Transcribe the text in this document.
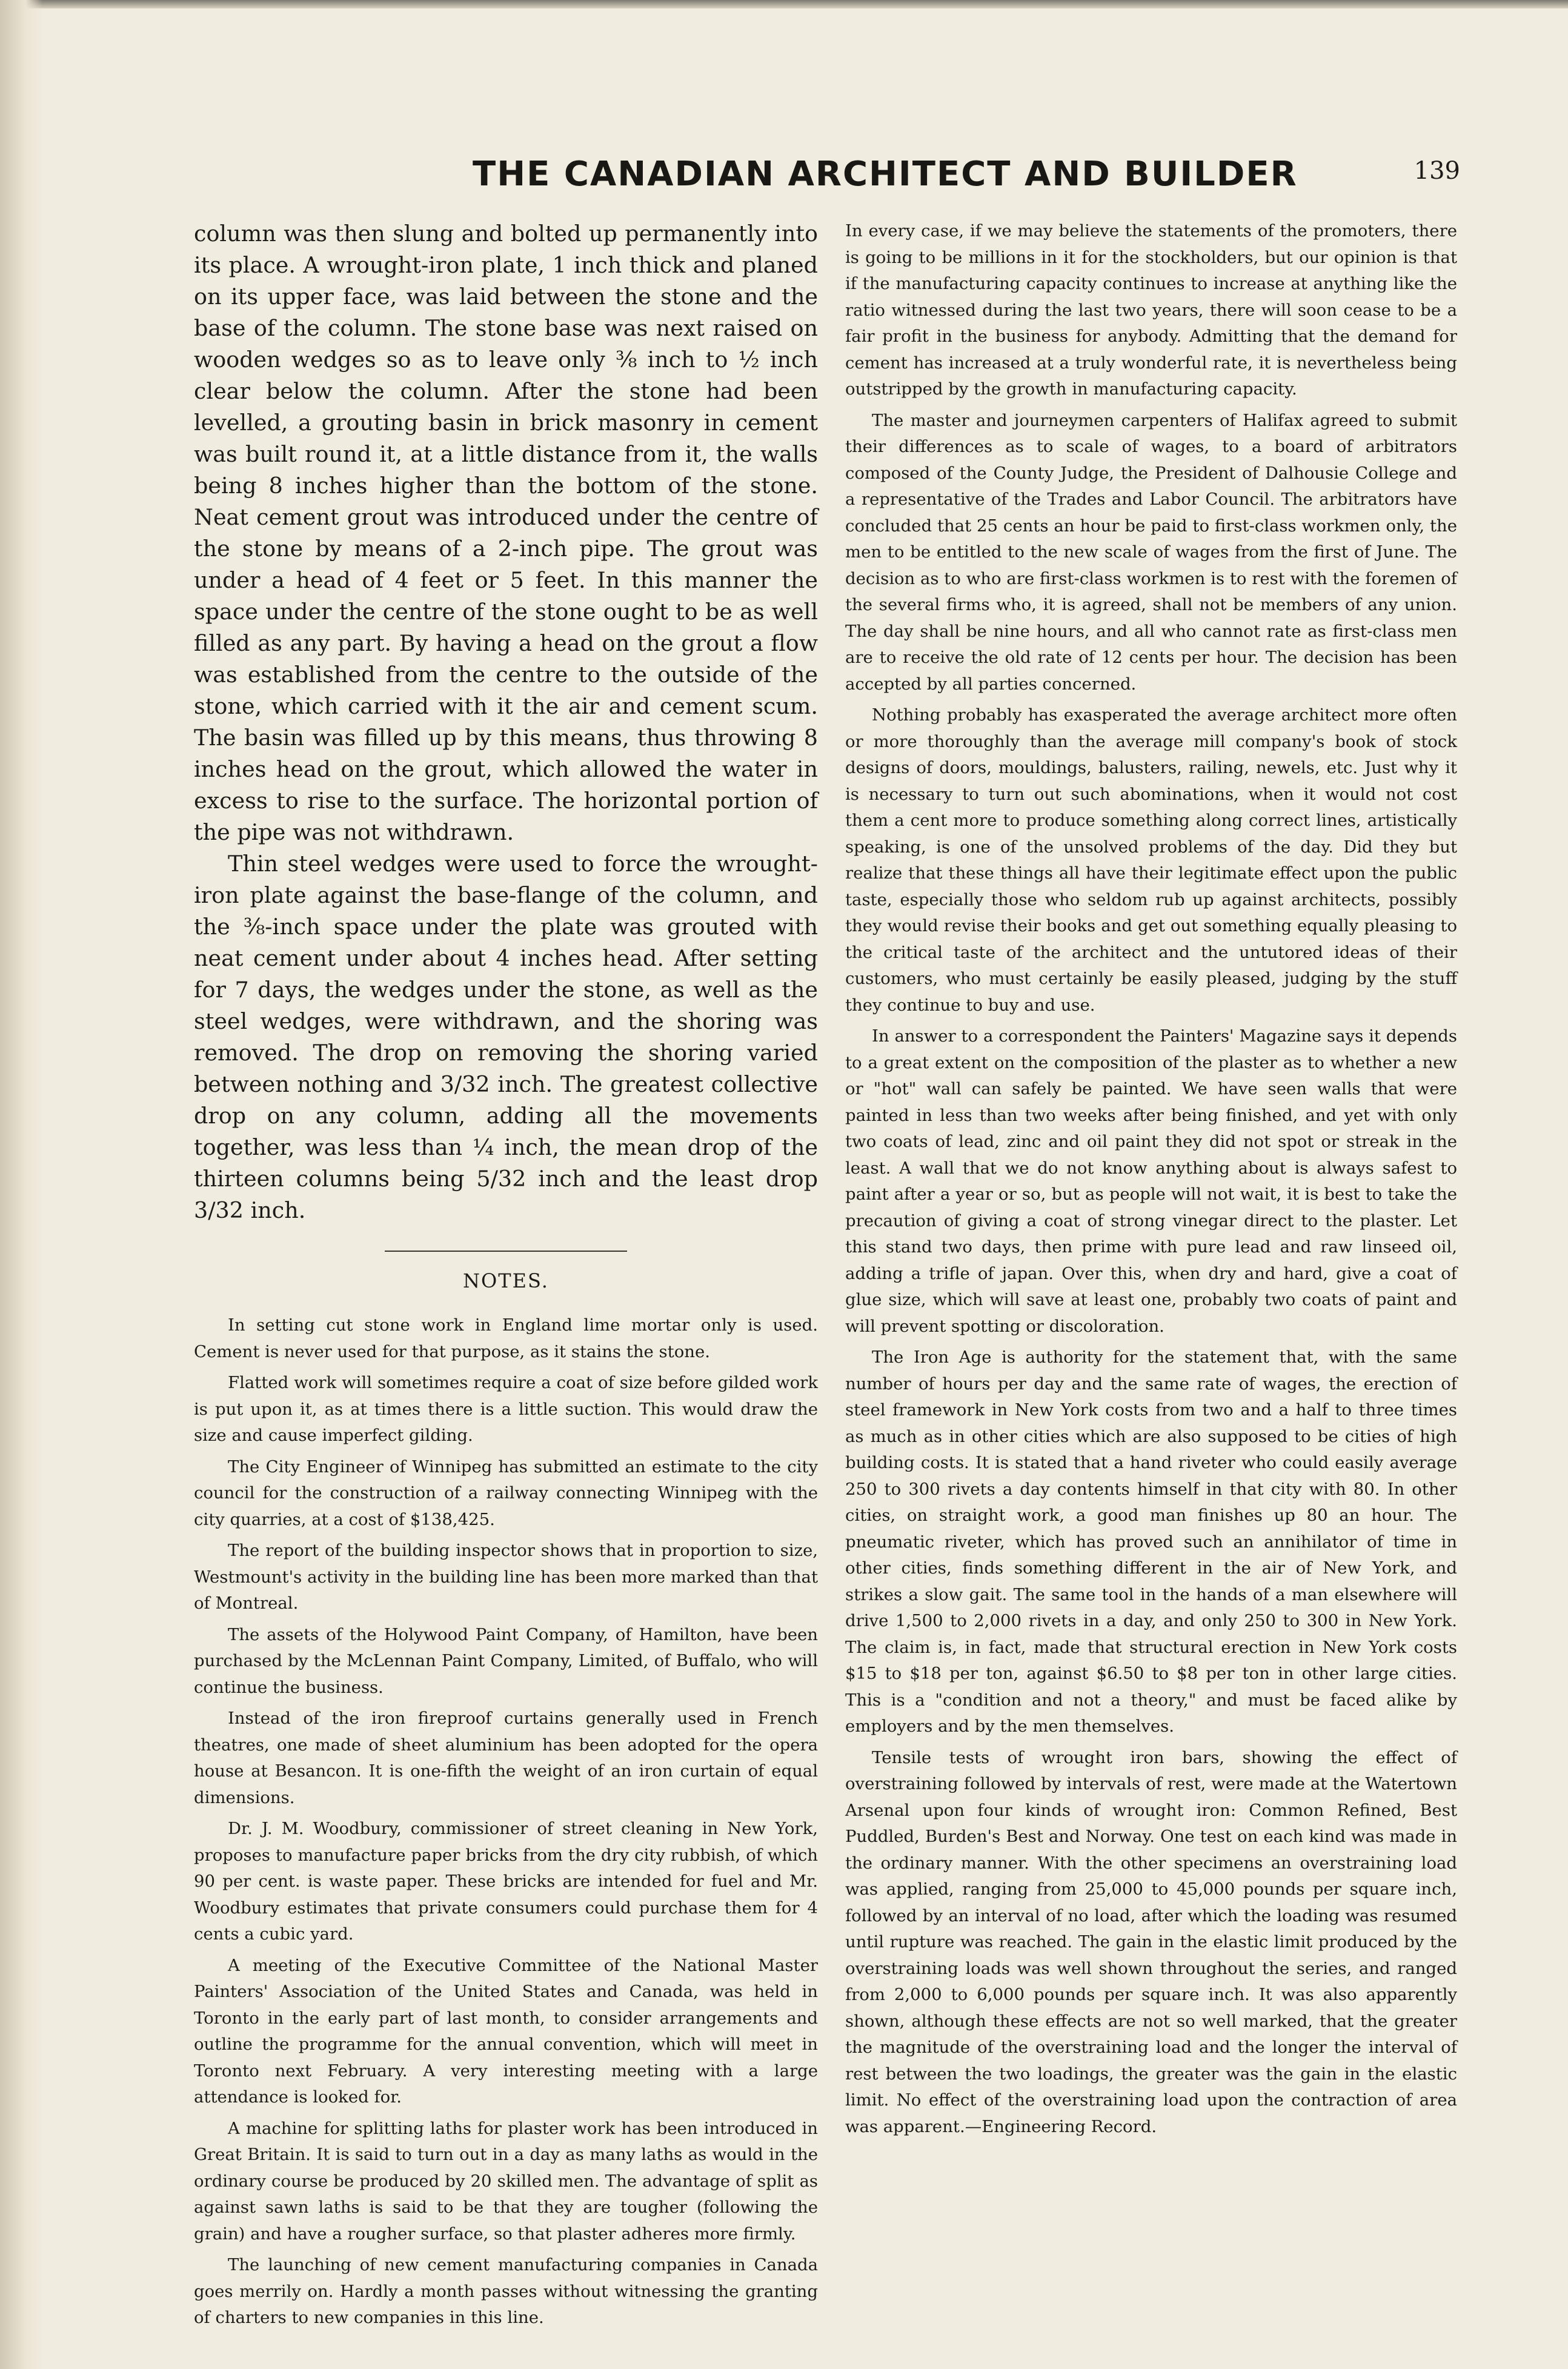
THE CANADIAN ARCHITECT AND BUILDER	139

column was then slung and bolted up permanently into its place. A wrought-iron plate, 1 inch thick and planed on its upper face, was laid between the stone and the base of the column. The stone base was next raised on wooden wedges so as to leave only ⅜ inch to ½ inch clear below the column. After the stone had been levelled, a grouting basin in brick masonry in cement was built round it, at a little distance from it, the walls being 8 inches higher than the bottom of the stone. Neat cement grout was introduced under the centre of the stone by means of a 2-inch pipe. The grout was under a head of 4 feet or 5 feet. In this manner the space under the centre of the stone ought to be as well filled as any part. By having a head on the grout a flow was established from the centre to the outside of the stone, which carried with it the air and cement scum. The basin was filled up by this means, thus throwing 8 inches head on the grout, which allowed the water in excess to rise to the surface. The horizontal portion of the pipe was not withdrawn.

Thin steel wedges were used to force the wrought-iron plate against the base-flange of the column, and the ⅜-inch space under the plate was grouted with neat cement under about 4 inches head. After setting for 7 days, the wedges under the stone, as well as the steel wedges, were withdrawn, and the shoring was removed. The drop on removing the shoring varied between nothing and 3/32 inch. The greatest collective drop on any column, adding all the movements together, was less than ¼ inch, the mean drop of the thirteen columns being 5/32 inch and the least drop 3/32 inch.

NOTES.

In setting cut stone work in England lime mortar only is used. Cement is never used for that purpose, as it stains the stone.

Flatted work will sometimes require a coat of size before gilded work is put upon it, as at times there is a little suction. This would draw the size and cause imperfect gilding.

The City Engineer of Winnipeg has submitted an estimate to the city council for the construction of a railway connecting Winnipeg with the city quarries, at a cost of $138,425.

The report of the building inspector shows that in proportion to size, Westmount's activity in the building line has been more marked than that of Montreal.

The assets of the Holywood Paint Company, of Hamilton, have been purchased by the McLennan Paint Company, Limited, of Buffalo, who will continue the business.

Instead of the iron fireproof curtains generally used in French theatres, one made of sheet aluminium has been adopted for the opera house at Besancon. It is one-fifth the weight of an iron curtain of equal dimensions.

Dr. J. M. Woodbury, commissioner of street cleaning in New York, proposes to manufacture paper bricks from the dry city rubbish, of which 90 per cent. is waste paper. These bricks are intended for fuel and Mr. Woodbury estimates that private consumers could purchase them for 4 cents a cubic yard.

A meeting of the Executive Committee of the National Master Painters' Association of the United States and Canada, was held in Toronto in the early part of last month, to consider arrangements and outline the programme for the annual convention, which will meet in Toronto next February. A very interesting meeting with a large attendance is looked for.

A machine for splitting laths for plaster work has been introduced in Great Britain. It is said to turn out in a day as many laths as would in the ordinary course be produced by 20 skilled men. The advantage of split as against sawn laths is said to be that they are tougher (following the grain) and have a rougher surface, so that plaster adheres more firmly.

The launching of new cement manufacturing companies in Canada goes merrily on. Hardly a month passes without witnessing the granting of charters to new companies in this line.

In every case, if we may believe the statements of the promoters, there is going to be millions in it for the stockholders, but our opinion is that if the manufacturing capacity continues to increase at anything like the ratio witnessed during the last two years, there will soon cease to be a fair profit in the business for anybody. Admitting that the demand for cement has increased at a truly wonderful rate, it is nevertheless being outstripped by the growth in manufacturing capacity.

The master and journeymen carpenters of Halifax agreed to submit their differences as to scale of wages, to a board of arbitrators composed of the County Judge, the President of Dalhousie College and a representative of the Trades and Labor Council. The arbitrators have concluded that 25 cents an hour be paid to first-class workmen only, the men to be entitled to the new scale of wages from the first of June. The decision as to who are first-class workmen is to rest with the foremen of the several firms who, it is agreed, shall not be members of any union. The day shall be nine hours, and all who cannot rate as first-class men are to receive the old rate of 12 cents per hour. The decision has been accepted by all parties concerned.

Nothing probably has exasperated the average architect more often or more thoroughly than the average mill company's book of stock designs of doors, mouldings, balusters, railing, newels, etc. Just why it is necessary to turn out such abominations, when it would not cost them a cent more to produce something along correct lines, artistically speaking, is one of the unsolved problems of the day. Did they but realize that these things all have their legitimate effect upon the public taste, especially those who seldom rub up against architects, possibly they would revise their books and get out something equally pleasing to the critical taste of the architect and the untutored ideas of their customers, who must certainly be easily pleased, judging by the stuff they continue to buy and use.

In answer to a correspondent the Painters' Magazine says it depends to a great extent on the composition of the plaster as to whether a new or "hot" wall can safely be painted. We have seen walls that were painted in less than two weeks after being finished, and yet with only two coats of lead, zinc and oil paint they did not spot or streak in the least. A wall that we do not know anything about is always safest to paint after a year or so, but as people will not wait, it is best to take the precaution of giving a coat of strong vinegar direct to the plaster. Let this stand two days, then prime with pure lead and raw linseed oil, adding a trifle of japan. Over this, when dry and hard, give a coat of glue size, which will save at least one, probably two coats of paint and will prevent spotting or discoloration.

The Iron Age is authority for the statement that, with the same number of hours per day and the same rate of wages, the erection of steel framework in New York costs from two and a half to three times as much as in other cities which are also supposed to be cities of high building costs. It is stated that a hand riveter who could easily average 250 to 300 rivets a day contents himself in that city with 80. In other cities, on straight work, a good man finishes up 80 an hour. The pneumatic riveter, which has proved such an annihilator of time in other cities, finds something different in the air of New York, and strikes a slow gait. The same tool in the hands of a man elsewhere will drive 1,500 to 2,000 rivets in a day, and only 250 to 300 in New York. The claim is, in fact, made that structural erection in New York costs $15 to $18 per ton, against $6.50 to $8 per ton in other large cities. This is a "condition and not a theory," and must be faced alike by employers and by the men themselves.

Tensile tests of wrought iron bars, showing the effect of overstraining followed by intervals of rest, were made at the Watertown Arsenal upon four kinds of wrought iron: Common Refined, Best Puddled, Burden's Best and Norway. One test on each kind was made in the ordinary manner. With the other specimens an overstraining load was applied, ranging from 25,000 to 45,000 pounds per square inch, followed by an interval of no load, after which the loading was resumed until rupture was reached. The gain in the elastic limit produced by the overstraining loads was well shown throughout the series, and ranged from 2,000 to 6,000 pounds per square inch. It was also apparently shown, although these effects are not so well marked, that the greater the magnitude of the overstraining load and the longer the interval of rest between the two loadings, the greater was the gain in the elastic limit. No effect of the overstraining load upon the contraction of area was apparent.—Engineering Record.
